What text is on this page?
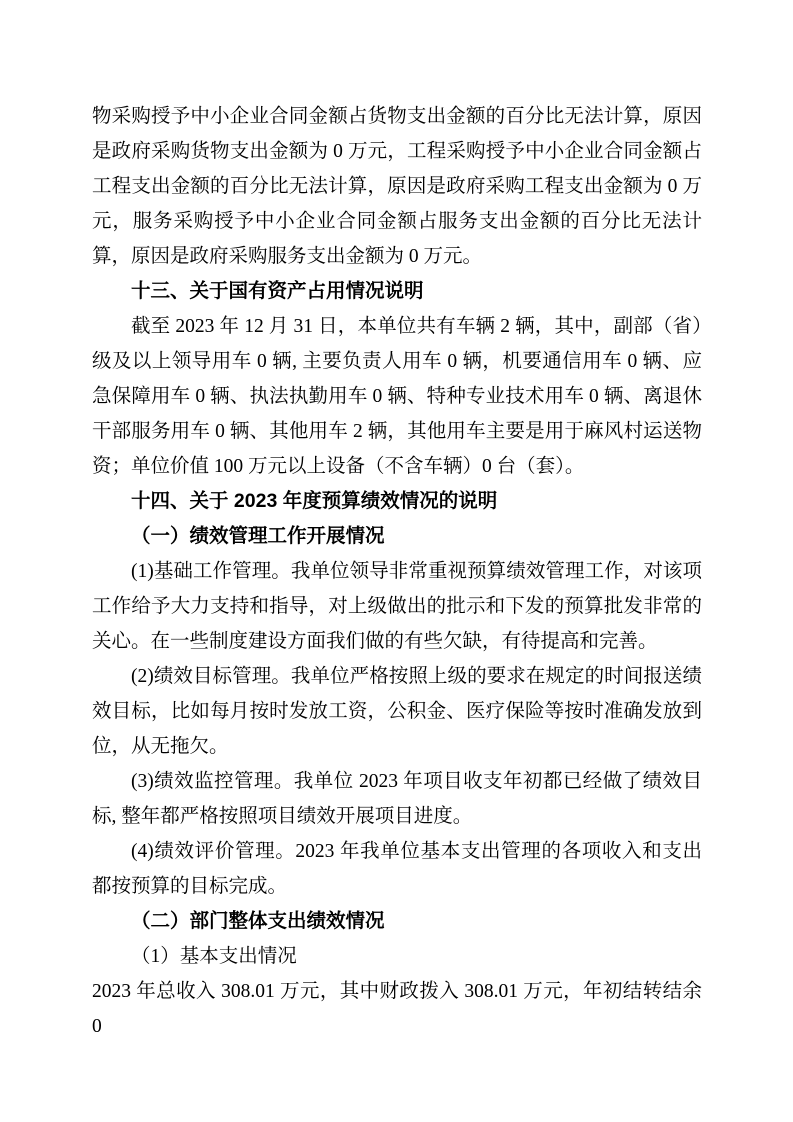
物采购授予中小企业合同金额占货物支出金额的百分比无法计算，原因是政府采购货物支出金额为 0 万元，工程采购授予中小企业合同金额占工程支出金额的百分比无法计算，原因是政府采购工程支出金额为 0 万元，服务采购授予中小企业合同金额占服务支出金额的百分比无法计算，原因是政府采购服务支出金额为 0 万元。

十三、关于国有资产占用情况说明

截至 2023 年 12 月 31 日，本单位共有车辆 2 辆，其中，副部（省）级及以上领导用车 0 辆, 主要负责人用车 0 辆，机要通信用车 0 辆、应急保障用车 0 辆、执法执勤用车 0 辆、特种专业技术用车 0 辆、离退休干部服务用车 0 辆、其他用车 2 辆，其他用车主要是用于麻风村运送物资；单位价值 100 万元以上设备（不含车辆）0 台（套）。

十四、关于 2023 年度预算绩效情况的说明

（一）绩效管理工作开展情况

(1)基础工作管理。我单位领导非常重视预算绩效管理工作，对该项工作给予大力支持和指导，对上级做出的批示和下发的预算批发非常的关心。在一些制度建设方面我们做的有些欠缺，有待提高和完善。

(2)绩效目标管理。我单位严格按照上级的要求在规定的时间报送绩效目标，比如每月按时发放工资，公积金、医疗保险等按时准确发放到位，从无拖欠。

(3)绩效监控管理。我单位 2023 年项目收支年初都已经做了绩效目标, 整年都严格按照项目绩效开展项目进度。

(4)绩效评价管理。2023 年我单位基本支出管理的各项收入和支出都按预算的目标完成。

（二）部门整体支出绩效情况

（1）基本支出情况

2023 年总收入 308.01 万元，其中财政拨入 308.01 万元，年初结转结余 0
